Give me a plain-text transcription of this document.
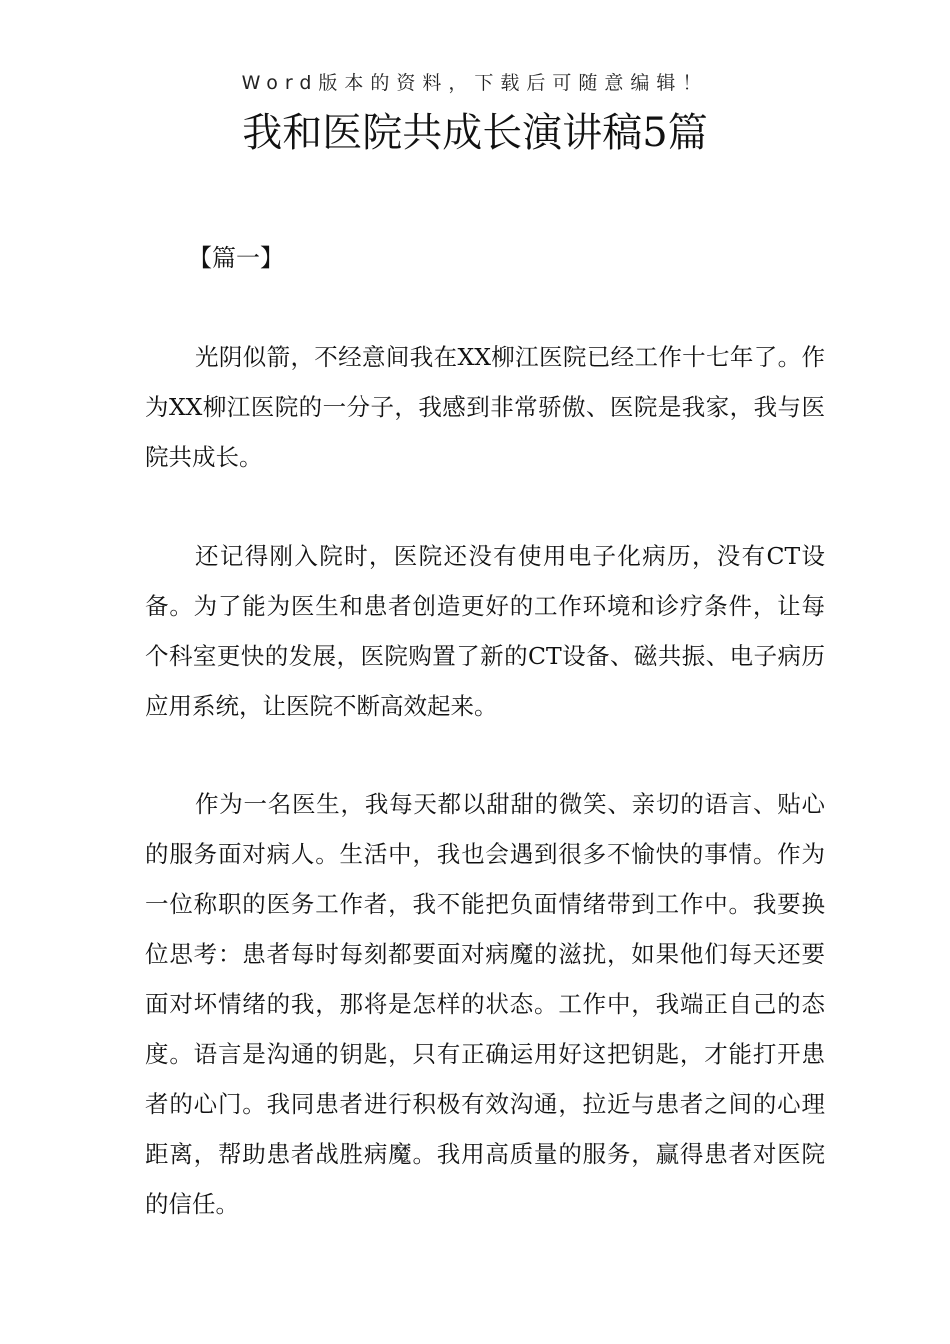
Word版本的资料，下载后可随意编辑！
我和医院共成长演讲稿5篇
【篇一】

光阴似箭，不经意间我在XX柳江医院已经工作十七年了。作为XX柳江医院的一分子，我感到非常骄傲、医院是我家，我与医院共成长。

还记得刚入院时，医院还没有使用电子化病历，没有CT设备。为了能为医生和患者创造更好的工作环境和诊疗条件，让每个科室更快的发展，医院购置了新的CT设备、磁共振、电子病历应用系统，让医院不断高效起来。

作为一名医生，我每天都以甜甜的微笑、亲切的语言、贴心的服务面对病人。生活中，我也会遇到很多不愉快的事情。作为一位称职的医务工作者，我不能把负面情绪带到工作中。我要换位思考：患者每时每刻都要面对病魔的滋扰，如果他们每天还要面对坏情绪的我，那将是怎样的状态。工作中，我端正自己的态度。语言是沟通的钥匙，只有正确运用好这把钥匙，才能打开患者的心门。我同患者进行积极有效沟通，拉近与患者之间的心理距离，帮助患者战胜病魔。我用高质量的服务，赢得患者对医院的信任。
